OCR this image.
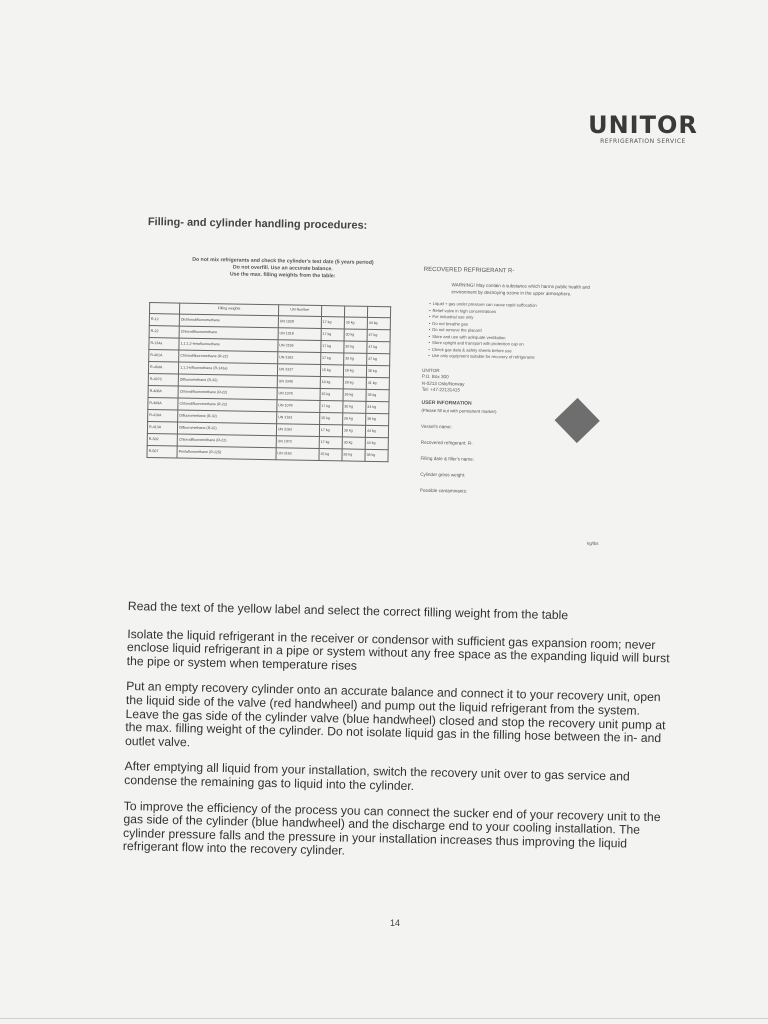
UNITOR
REFRIGERATION SERVICE
Filling- and cylinder handling procedures:
Do not mix refrigerants and check the cylinder's test date (5 years period)
Do not overfill. Use an accurate balance.
Use the max. filling weights from the table:
	Filling weights	UN Number			
R-12	Dichlorodifluoromethane	UN 1028	17 kg	30 kg	44 kg
R-22	Chlorodifluoromethane	UN 1018	17 kg	30 kg	47 kg
R-134a	1,1,1,2-tetrafluoroethane	UN 3159	17 kg	30 kg	47 kg
R-401A	Chlorodifluoromethane (R-22)	UN 3163	17 kg	30 kg	47 kg
R-404A	1,1,1-trifluoroethane (R-143a)	UN 3337	15 kg	26 kg	38 kg
R-407C	Difluoromethane (R-32)	UN 3340	16 kg	28 kg	41 kg
R-408A	Chlorodifluoromethane (R-22)	UN 1078	15 kg	26 kg	38 kg
R-409A	Chlorodifluoromethane (R-22)	UN 1078	17 kg	30 kg	44 kg
R-410A	Difluoromethane (R-32)	UN 3163	15 kg	26 kg	38 kg
R-413A	Difluoromethane (R-32)	UN 3163	17 kg	30 kg	44 kg
R-502	Chlorodifluoromethane (R-22)	UN 1973	17 kg	30 kg	44 kg
R-507	Pentafluoroethane (R-125)	UN 3163	15 kg	26 kg	38 kg
RECOVERED REFRIGERANT R-
WARNING! May contain a substance which harms public health and environment by destroying ozone in the upper atmosphere.
• Liquid + gas under pressure can cause rapid suffocation
• Relief valve in high concentrations
• For industrial use only
• Do not breathe gas
• Do not remove the placard
• Store and use with adequate ventilation
• Store upright and transport with protection cap on
• Check gas data & safety sheets before use
• Use only equipment suitable for recovery of refrigerants
UNITOR
P.O. Box 300
N-0213 Oslo/Norway
Tel: +47-22131415
USER INFORMATION
(Please fill out with permanent marker)
Vessel's name:
Recovered refrigerant: R-
Filling date & filler's name:
Cylinder gross weight:
Possible contaminants:
kg/lbs

Read the text of the yellow label and select the correct filling weight from the table

Isolate the liquid refrigerant in the receiver or condensor with sufficient gas expansion room; never enclose liquid refrigerant in a pipe or system without any free space as the expanding liquid will burst the pipe or system when temperature rises

Put an empty recovery cylinder onto an accurate balance and connect it to your recovery unit, open the liquid side of the valve (red handwheel) and pump out the liquid refrigerant from the system. Leave the gas side of the cylinder valve (blue handwheel) closed and stop the recovery unit pump at the max. filling weight of the cylinder. Do not isolate liquid gas in the filling hose between the in- and outlet valve.

After emptying all liquid from your installation, switch the recovery unit over to gas service and condense the remaining gas to liquid into the cylinder.

To improve the efficiency of the process you can connect the sucker end of your recovery unit to the gas side of the cylinder (blue handwheel) and the discharge end to your cooling installation. The cylinder pressure falls and the pressure in your installation increases thus improving the liquid refrigerant flow into the recovery cylinder.

14
